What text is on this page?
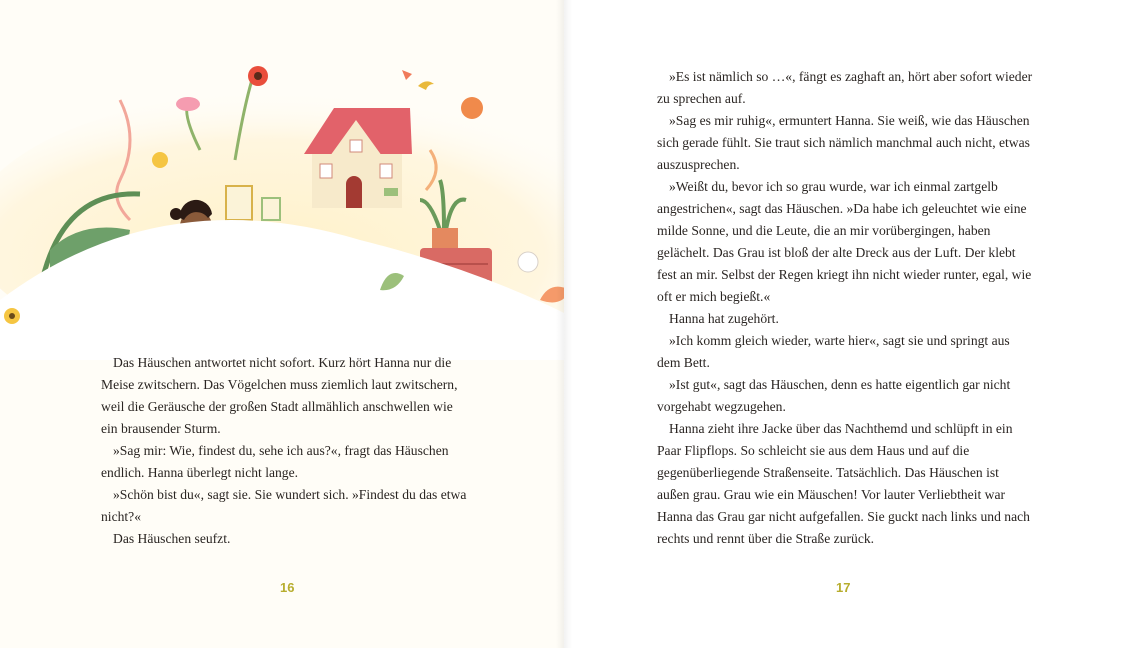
Das Häuschen antwortet nicht sofort. Kurz hört Hanna nur die Meise zwitschern. Das Vögelchen muss ziemlich laut zwitschern, weil die Geräusche der großen Stadt allmählich anschwellen wie ein brausender Sturm.

»Sag mir: Wie, findest du, sehe ich aus?«, fragt das Häuschen endlich. Hanna überlegt nicht lange.

»Schön bist du«, sagt sie. Sie wundert sich. »Findest du das etwa nicht?«

Das Häuschen seufzt.

16	17

»Es ist nämlich so …«, fängt es zaghaft an, hört aber sofort wieder zu sprechen auf.

»Sag es mir ruhig«, ermuntert Hanna. Sie weiß, wie das Häuschen sich gerade fühlt. Sie traut sich nämlich manchmal auch nicht, etwas auszusprechen.

»Weißt du, bevor ich so grau wurde, war ich einmal zartgelb angestrichen«, sagt das Häuschen. »Da habe ich geleuchtet wie eine milde Sonne, und die Leute, die an mir vorübergingen, haben gelächelt. Das Grau ist bloß der alte Dreck aus der Luft. Der klebt fest an mir. Selbst der Regen kriegt ihn nicht wieder runter, egal, wie oft er mich begießt.«

Hanna hat zugehört.

»Ich komm gleich wieder, warte hier«, sagt sie und springt aus dem Bett.

»Ist gut«, sagt das Häuschen, denn es hatte eigentlich gar nicht vorgehabt wegzugehen.

Hanna zieht ihre Jacke über das Nachthemd und schlüpft in ein Paar Flipflops. So schleicht sie aus dem Haus und auf die gegenüberliegende Straßenseite. Tatsächlich. Das Häuschen ist außen grau. Grau wie ein Mäuschen! Vor lauter Verliebtheit war Hanna das Grau gar nicht aufgefallen. Sie guckt nach links und nach rechts und rennt über die Straße zurück.
